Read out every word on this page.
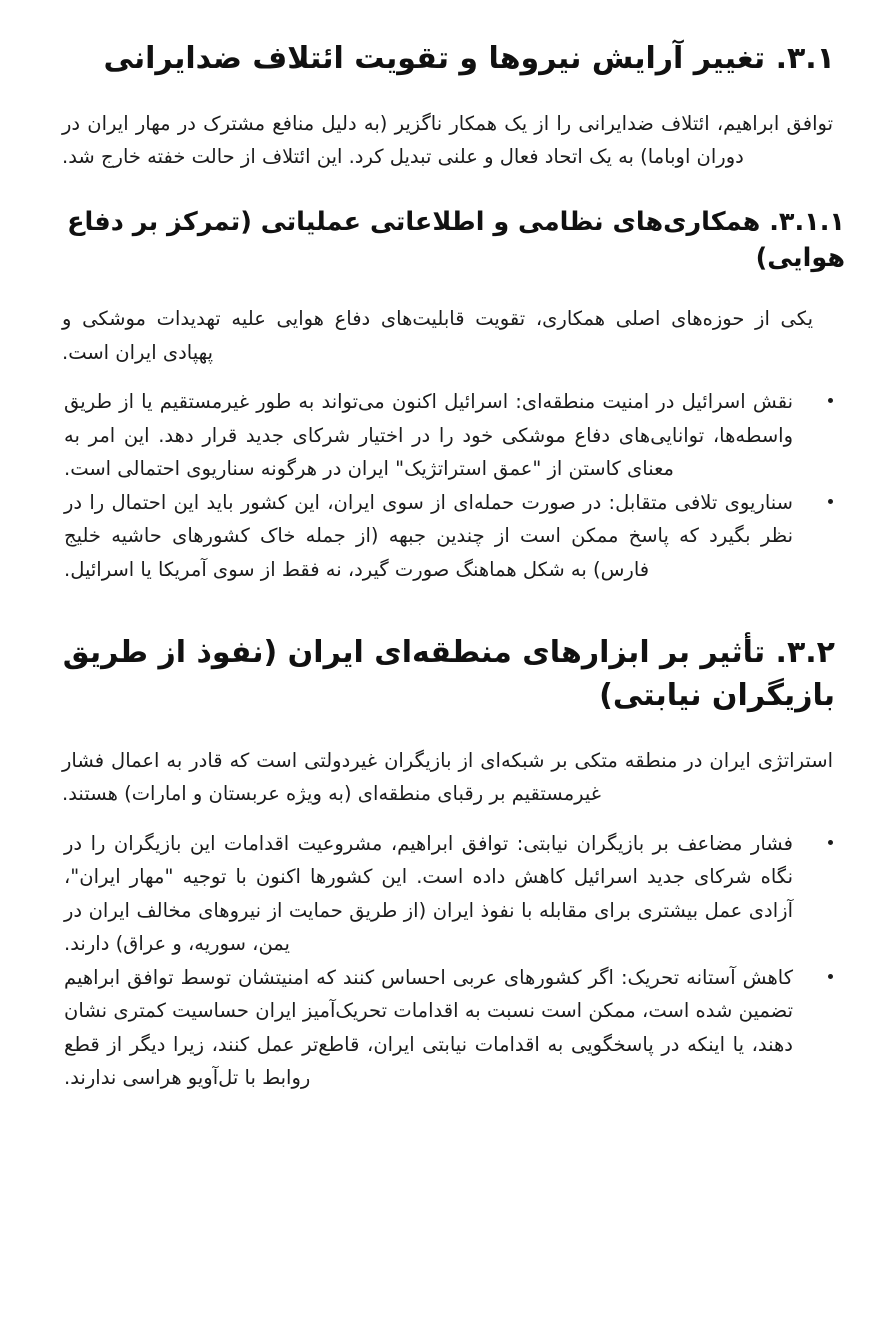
۳.۱. تغییر آرایش نیروها و تقویت ائتلاف ضدایرانی

توافق ابراهیم، ائتلاف ضدایرانی را از یک همکار ناگزیر (به دلیل منافع مشترک در مهار ایران در دوران اوباما) به یک اتحاد فعال و علنی تبدیل کرد. این ائتلاف از حالت خفته خارج شد.

۳.۱.۱. همکاری‌های نظامی و اطلاعاتی عملیاتی (تمرکز بر دفاع هوایی)

یکی از حوزه‌های اصلی همکاری، تقویت قابلیت‌های دفاع هوایی علیه تهدیدات موشکی و پهپادی ایران است.

نقش اسرائیل در امنیت منطقه‌ای: اسرائیل اکنون می‌تواند به طور غیرمستقیم یا از طریق واسطه‌ها، توانایی‌های دفاع موشکی خود را در اختیار شرکای جدید قرار دهد. این امر به معنای کاستن از "عمق استراتژیک" ایران در هرگونه سناریوی احتمالی است.
سناریوی تلافی متقابل: در صورت حمله‌ای از سوی ایران، این کشور باید این احتمال را در نظر بگیرد که پاسخ ممکن است از چندین جبهه (از جمله خاک کشورهای حاشیه خلیج فارس) به شکل هماهنگ صورت گیرد، نه فقط از سوی آمریکا یا اسرائیل.
۳.۲. تأثیر بر ابزارهای منطقه‌ای ایران (نفوذ از طریق بازیگران نیابتی)

استراتژی ایران در منطقه متکی بر شبکه‌ای از بازیگران غیردولتی است که قادر به اعمال فشار غیرمستقیم بر رقبای منطقه‌ای (به ویژه عربستان و امارات) هستند.

فشار مضاعف بر بازیگران نیابتی: توافق ابراهیم، مشروعیت اقدامات این بازیگران را در نگاه شرکای جدید اسرائیل کاهش داده است. این کشورها اکنون با توجیه "مهار ایران"، آزادی عمل بیشتری برای مقابله با نفوذ ایران (از طریق حمایت از نیروهای مخالف ایران در یمن، سوریه، و عراق) دارند.
کاهش آستانه تحریک: اگر کشورهای عربی احساس کنند که امنیتشان توسط توافق ابراهیم تضمین شده است، ممکن است نسبت به اقدامات تحریک‌آمیز ایران حساسیت کمتری نشان دهند، یا اینکه در پاسخگویی به اقدامات نیابتی ایران، قاطع‌تر عمل کنند، زیرا دیگر از قطع روابط با تل‌آویو هراسی ندارند.
